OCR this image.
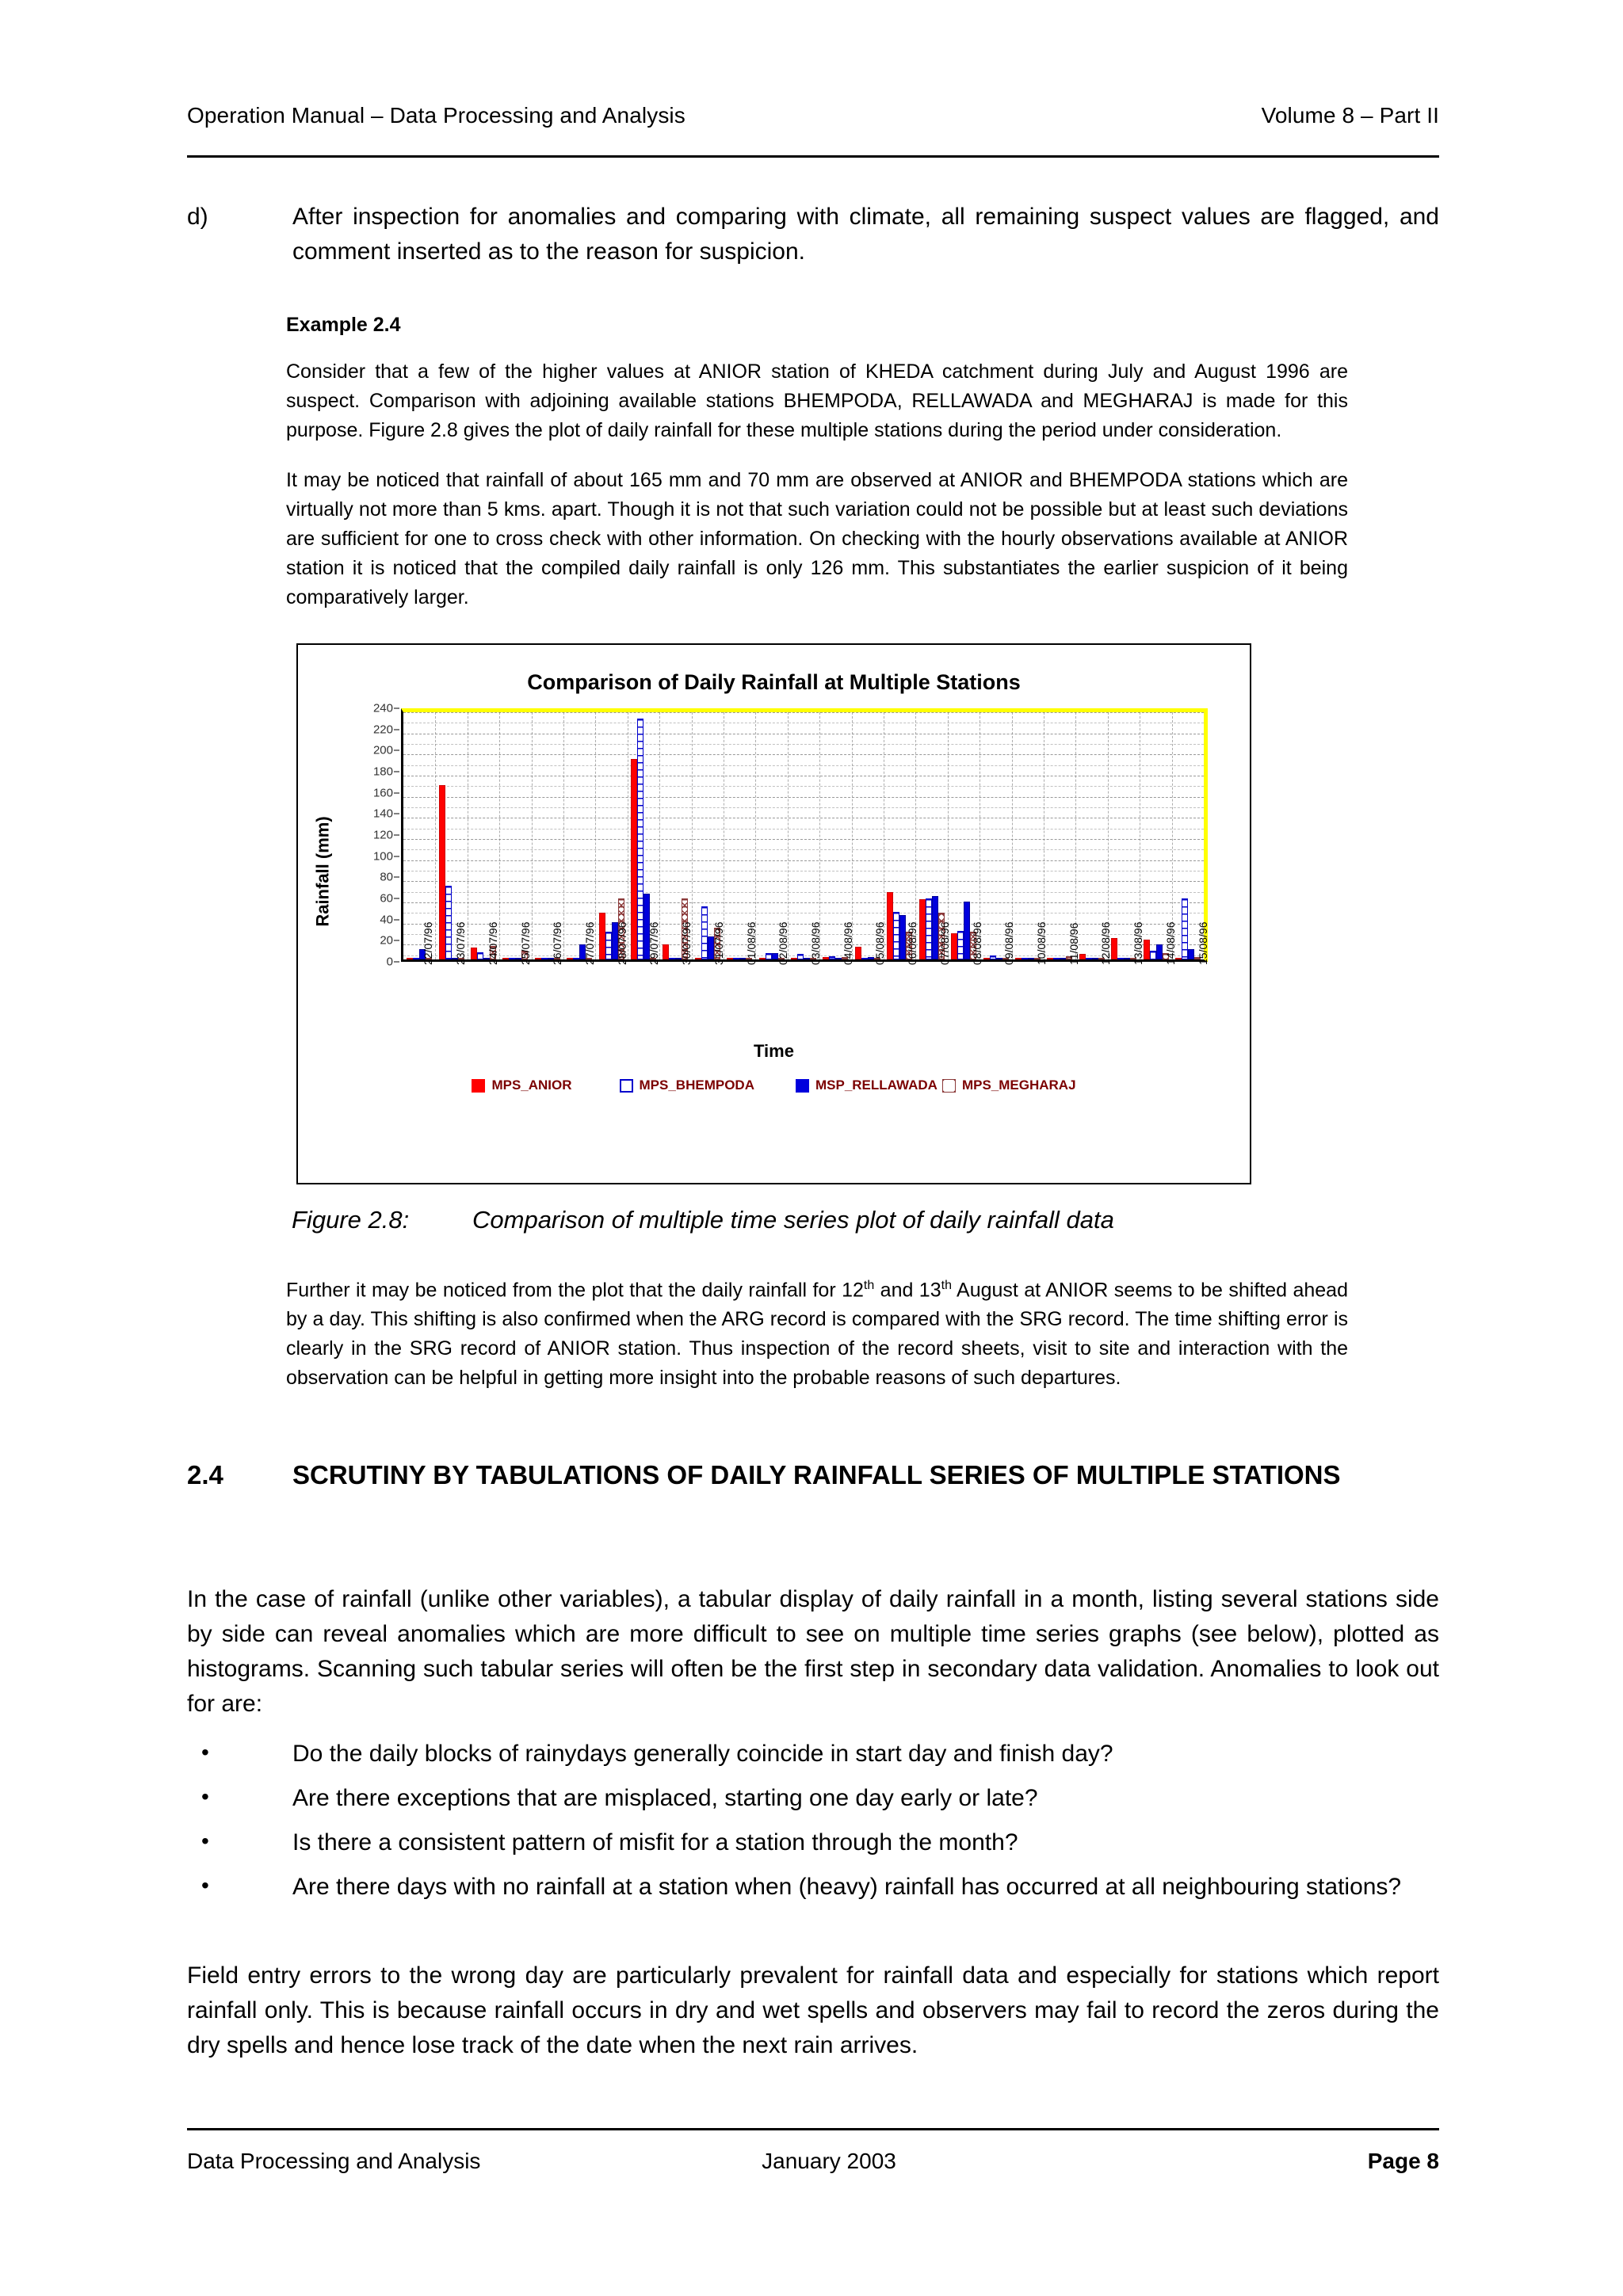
Operation Manual – Data Processing and Analysis	Volume 8 – Part II
d)	After inspection for anomalies and comparing with climate, all remaining suspect values are flagged, and comment inserted as to the reason for suspicion.
Example 2.4
Consider that a few of the higher values at ANIOR station of KHEDA catchment during July and August 1996 are suspect. Comparison with adjoining available stations BHEMPODA, RELLAWADA and MEGHARAJ is made for this purpose. Figure 2.8 gives the plot of daily rainfall for these multiple stations during the period under consideration.
It may be noticed that rainfall of about 165 mm and 70 mm are observed at ANIOR and BHEMPODA stations which are virtually not more than 5 kms. apart. Though it is not that such variation could not be possible but at least such deviations are sufficient for one to cross check with other information. On checking with the hourly observations available at ANIOR station it is noticed that the compiled daily rainfall is only 126 mm. This substantiates the earlier suspicion of it being comparatively larger.
Comparison of Daily Rainfall at Multiple Stations
Rainfall (mm)
0
20
40
60
80
100
120
140
160
180
200
220
240
22/07/96 23/07/96 24/07/96 25/07/96 26/07/96 27/07/96 28/07/96 29/07/96 30/07/96 31/07/96 01/08/96 02/08/96 03/08/96 04/08/96 05/08/96 06/08/96 07/08/96 08/08/96 09/08/96 10/08/96 11/08/96 12/08/96 13/08/96 14/08/96 15/08/96
Time
MPS_ANIOR	MPS_BHEMPODA	MSP_RELLAWADA MPS_MEGHARAJ
Figure 2.8:	Comparison of multiple time series plot of daily rainfall data
Further it may be noticed from the plot that the daily rainfall for 12th and 13th August at ANIOR seems to be shifted ahead by a day. This shifting is also confirmed when the ARG record is compared with the SRG record. The time shifting error is clearly in the SRG record of ANIOR station. Thus inspection of the record sheets, visit to site and interaction with the observation can be helpful in getting more insight into the probable reasons of such departures.
2.4	SCRUTINY BY TABULATIONS OF DAILY RAINFALL SERIES OF MULTIPLE STATIONS
In the case of rainfall (unlike other variables), a tabular display of daily rainfall in a month, listing several stations side by side can reveal anomalies which are more difficult to see on multiple time series graphs (see below), plotted as histograms. Scanning such tabular series will often be the first step in secondary data validation. Anomalies to look out for are:
•	Do the daily blocks of rainydays generally coincide in start day and finish day?
•	Are there exceptions that are misplaced, starting one day early or late?
•	Is there a consistent pattern of misfit for a station through the month?
•	Are there days with no rainfall at a station when (heavy) rainfall has occurred at all neighbouring stations?
Field entry errors to the wrong day are particularly prevalent for rainfall data and especially for stations which report rainfall only. This is because rainfall occurs in dry and wet spells and observers may fail to record the zeros during the dry spells and hence lose track of the date when the next rain arrives.
Data Processing and Analysis	January 2003	Page 8
